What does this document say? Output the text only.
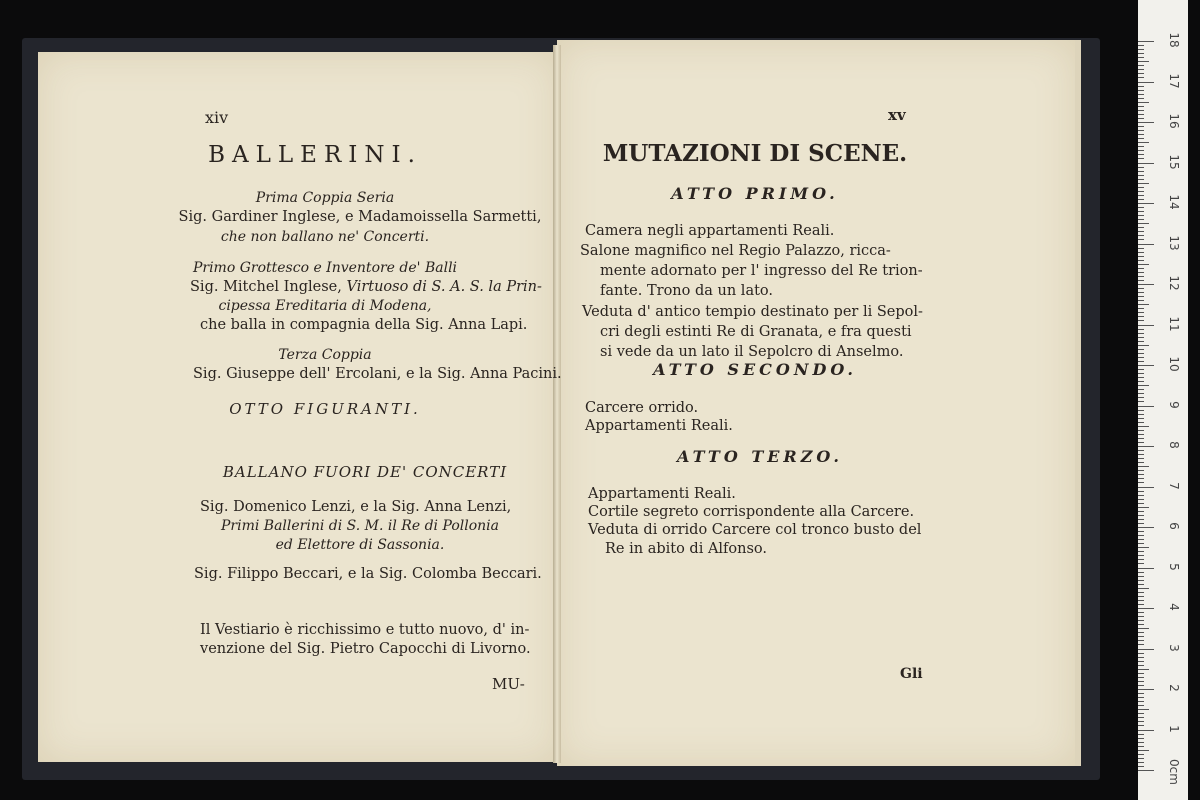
xiv
BALLERINI.
Prima Coppia Seria
Sig. Gardiner Inglese, e Madamoissella Sarmetti,
che non ballano ne' Concerti.
Primo Grottesco e Inventore de' Balli
Sig. Mitchel Inglese, Virtuoso di S. A. S. la Prin-
cipessa Ereditaria di Modena,
che balla in compagnia della Sig. Anna Lapi.
Terza Coppia
Sig. Giuseppe dell' Ercolani, e la Sig. Anna Pacini.
OTTO FIGURANTI.
BALLANO FUORI DE' CONCERTI
Sig. Domenico Lenzi, e la Sig. Anna Lenzi,
Primi Ballerini di S. M. il Re di Pollonia
ed Elettore di Sassonia.
Sig. Filippo Beccari, e la Sig. Colomba Beccari.
Il Vestiario è ricchissimo e tutto nuovo, d' in-
venzione del Sig. Pietro Capocchi di Livorno.
MU-
xv
MUTAZIONI DI SCENE.
ATTO PRIMO.
Camera negli appartamenti Reali.
Salone magnifico nel Regio Palazzo, ricca-
mente adornato per l' ingresso del Re trion-
fante. Trono da un lato.
Veduta d' antico tempio destinato per li Sepol-
cri degli estinti Re di Granata, e fra questi
si vede da un lato il Sepolcro di Anselmo.
ATTO SECONDO.
Carcere orrido.
Appartamenti Reali.
ATTO TERZO.
Appartamenti Reali.
Cortile segreto corrispondente alla Carcere.
Veduta di orrido Carcere col tronco busto del
Re in abito di Alfonso.
Gli
0cm
1
2
3
4
5
6
7
8
9
10
11
12
13
14
15
16
17
18
